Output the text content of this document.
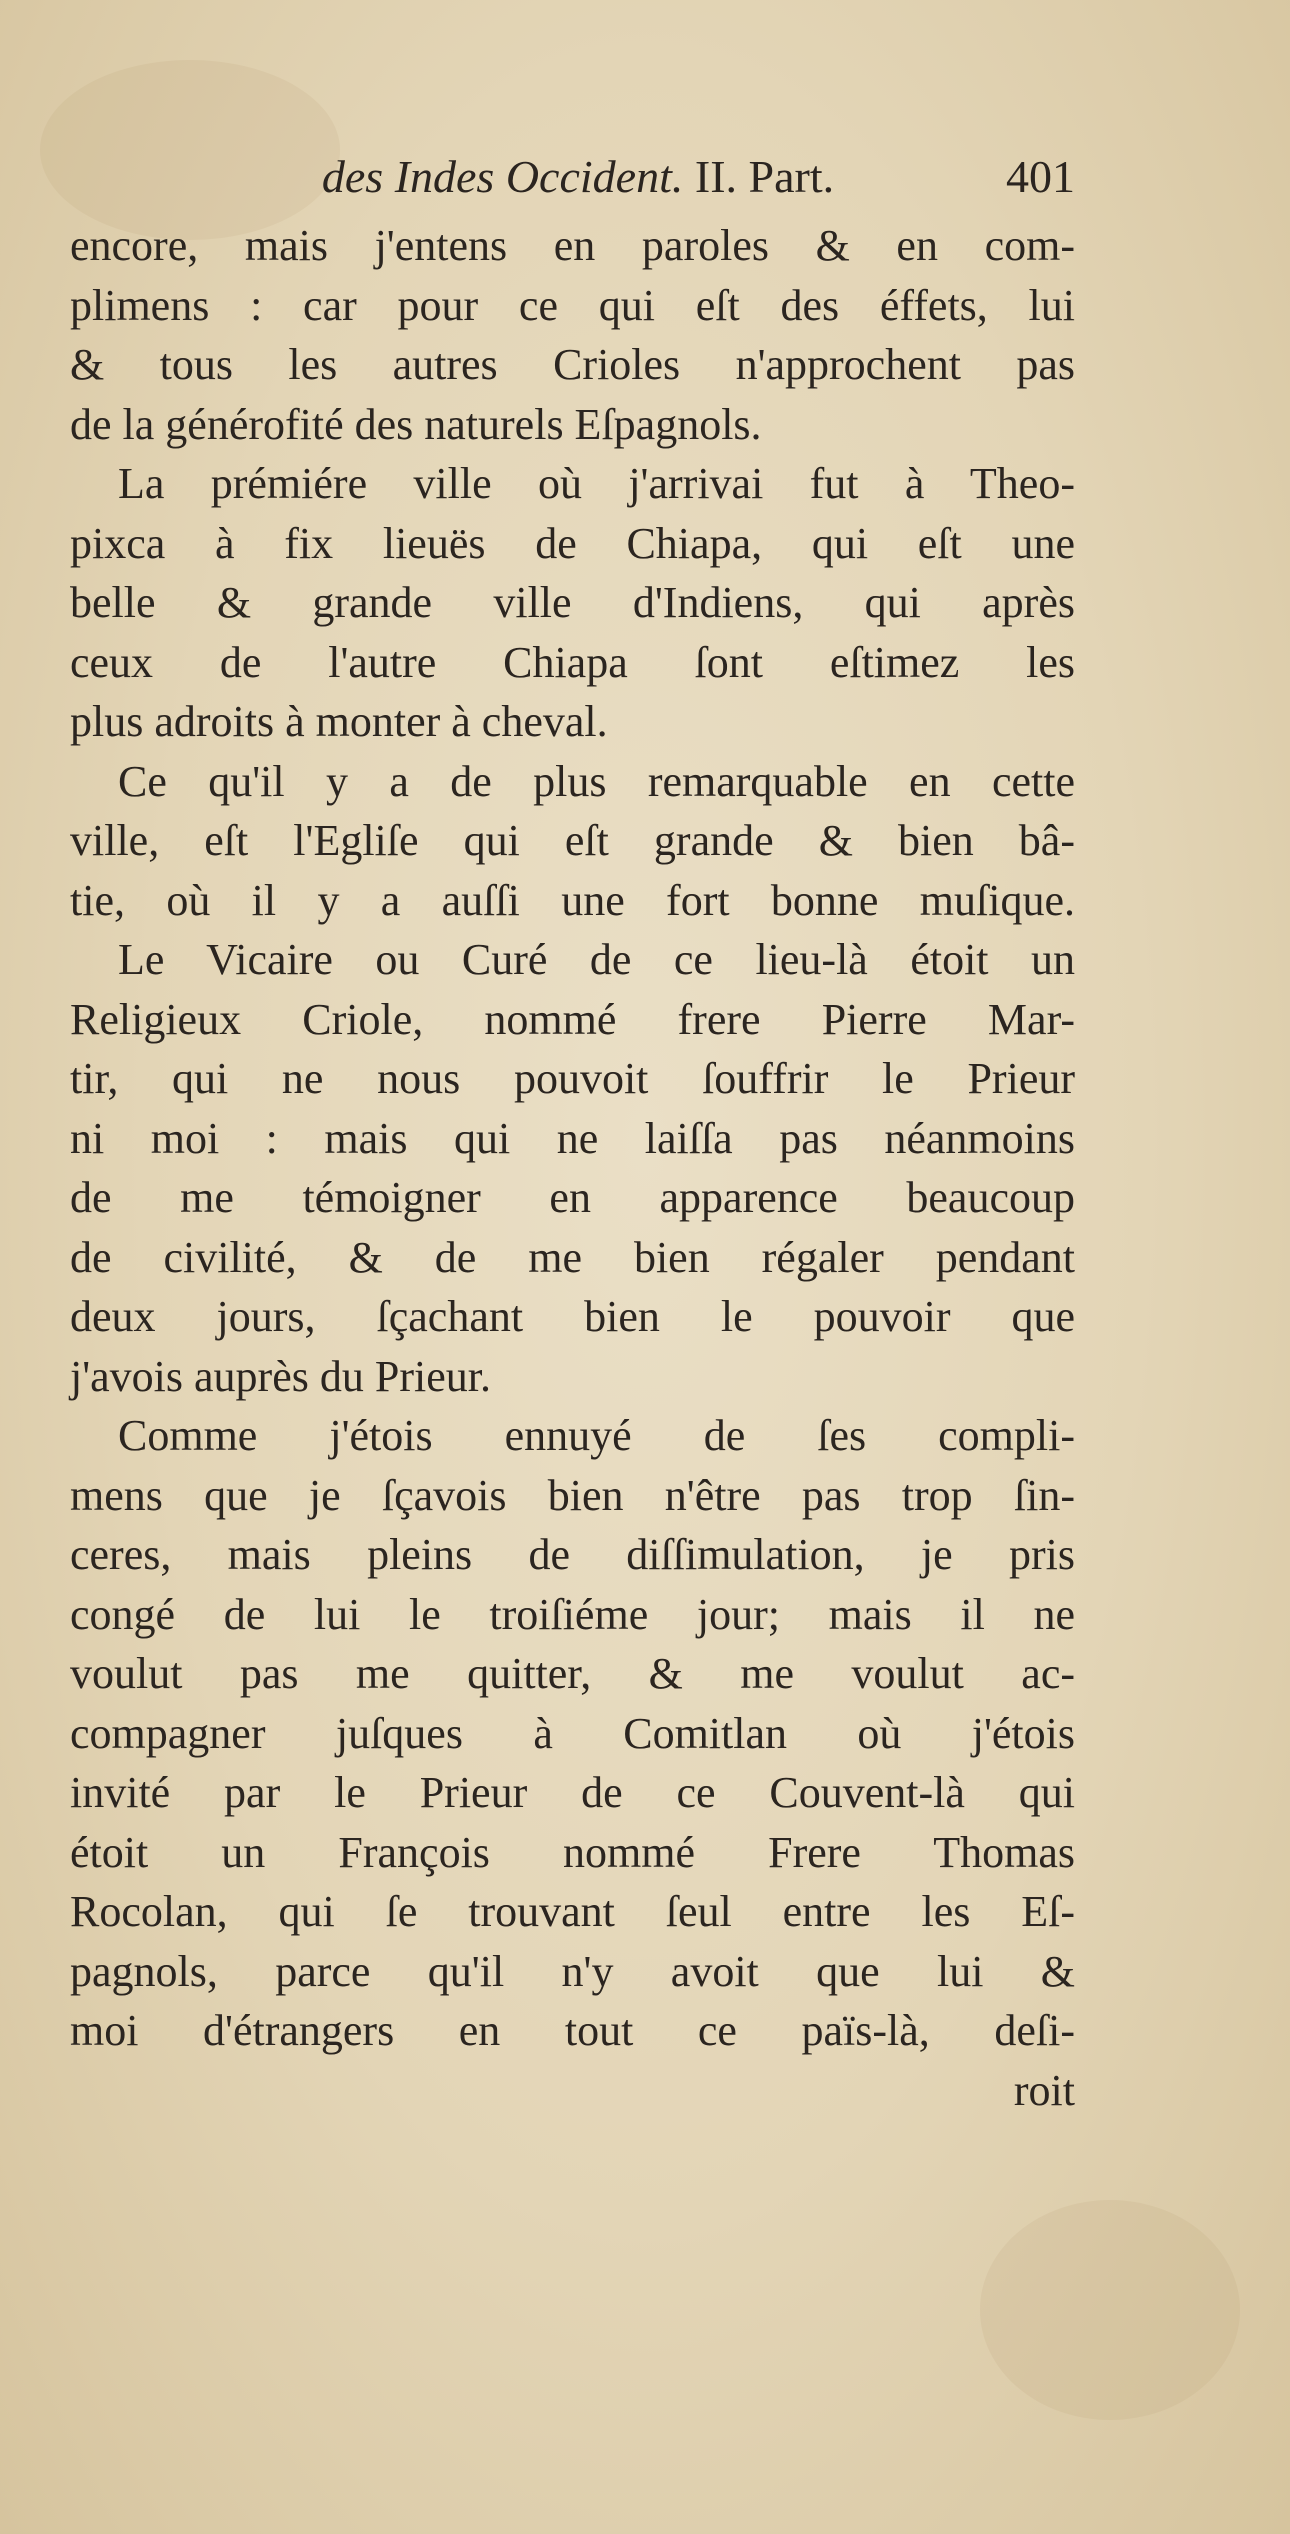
des Indes Occident. II. Part.	401
encore, mais j'entens en paroles & en com-
plimens : car pour ce qui eſt des éffets, lui
& tous les autres Crioles n'approchent pas
de la générofité des naturels Eſpagnols.
La prémiére ville où j'arrivai fut à Theo-
pixca à fix lieuës de Chiapa, qui eſt une
belle & grande ville d'Indiens, qui après
ceux de l'autre Chiapa ſont eſtimez les
plus adroits à monter à cheval.
Ce qu'il y a de plus remarquable en cette
ville, eſt l'Egliſe qui eſt grande & bien bâ-
tie, où il y a auſſi une fort bonne muſique.
Le Vicaire ou Curé de ce lieu-là étoit un
Religieux Criole, nommé frere Pierre Mar-
tir, qui ne nous pouvoit ſouffrir le Prieur
ni moi : mais qui ne laiſſa pas néanmoins
de me témoigner en apparence beaucoup
de civilité, & de me bien régaler pendant
deux jours, ſçachant bien le pouvoir que
j'avois auprès du Prieur.
Comme j'étois ennuyé de ſes compli-
mens que je ſçavois bien n'être pas trop ſin-
ceres, mais pleins de diſſimulation, je pris
congé de lui le troiſiéme jour; mais il ne
voulut pas me quitter, & me voulut ac-
compagner juſques à Comitlan où j'étois
invité par le Prieur de ce Couvent-là qui
étoit un François nommé Frere Thomas
Rocolan, qui ſe trouvant ſeul entre les Eſ-
pagnols, parce qu'il n'y avoit que lui &
moi d'étrangers en tout ce païs-là, deſi-
roit
